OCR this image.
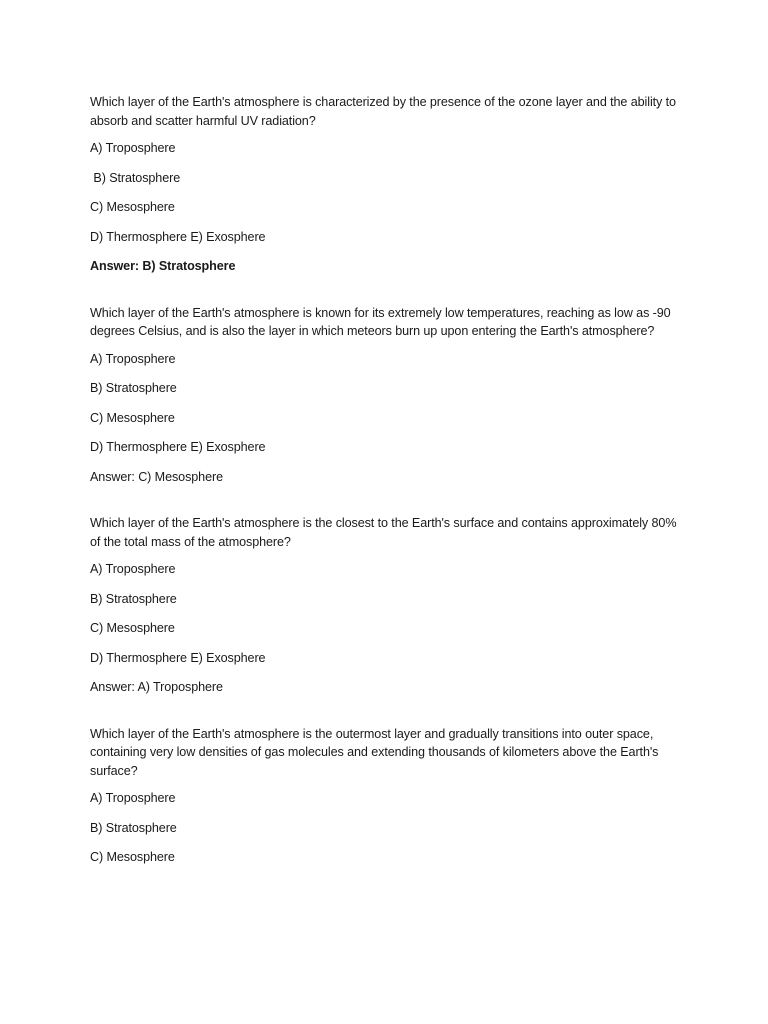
Which layer of the Earth's atmosphere is characterized by the presence of the ozone layer and the ability to absorb and scatter harmful UV radiation?

A) Troposphere

B) Stratosphere

C) Mesosphere

D) Thermosphere E) Exosphere

Answer: B) Stratosphere

Which layer of the Earth's atmosphere is known for its extremely low temperatures, reaching as low as -90 degrees Celsius, and is also the layer in which meteors burn up upon entering the Earth's atmosphere?

A) Troposphere

B) Stratosphere

C) Mesosphere

D) Thermosphere E) Exosphere

Answer: C) Mesosphere

Which layer of the Earth's atmosphere is the closest to the Earth's surface and contains approximately 80% of the total mass of the atmosphere?

A) Troposphere

B) Stratosphere

C) Mesosphere

D) Thermosphere E) Exosphere

Answer: A) Troposphere

Which layer of the Earth's atmosphere is the outermost layer and gradually transitions into outer space, containing very low densities of gas molecules and extending thousands of kilometers above the Earth's surface?

A) Troposphere

B) Stratosphere

C) Mesosphere
